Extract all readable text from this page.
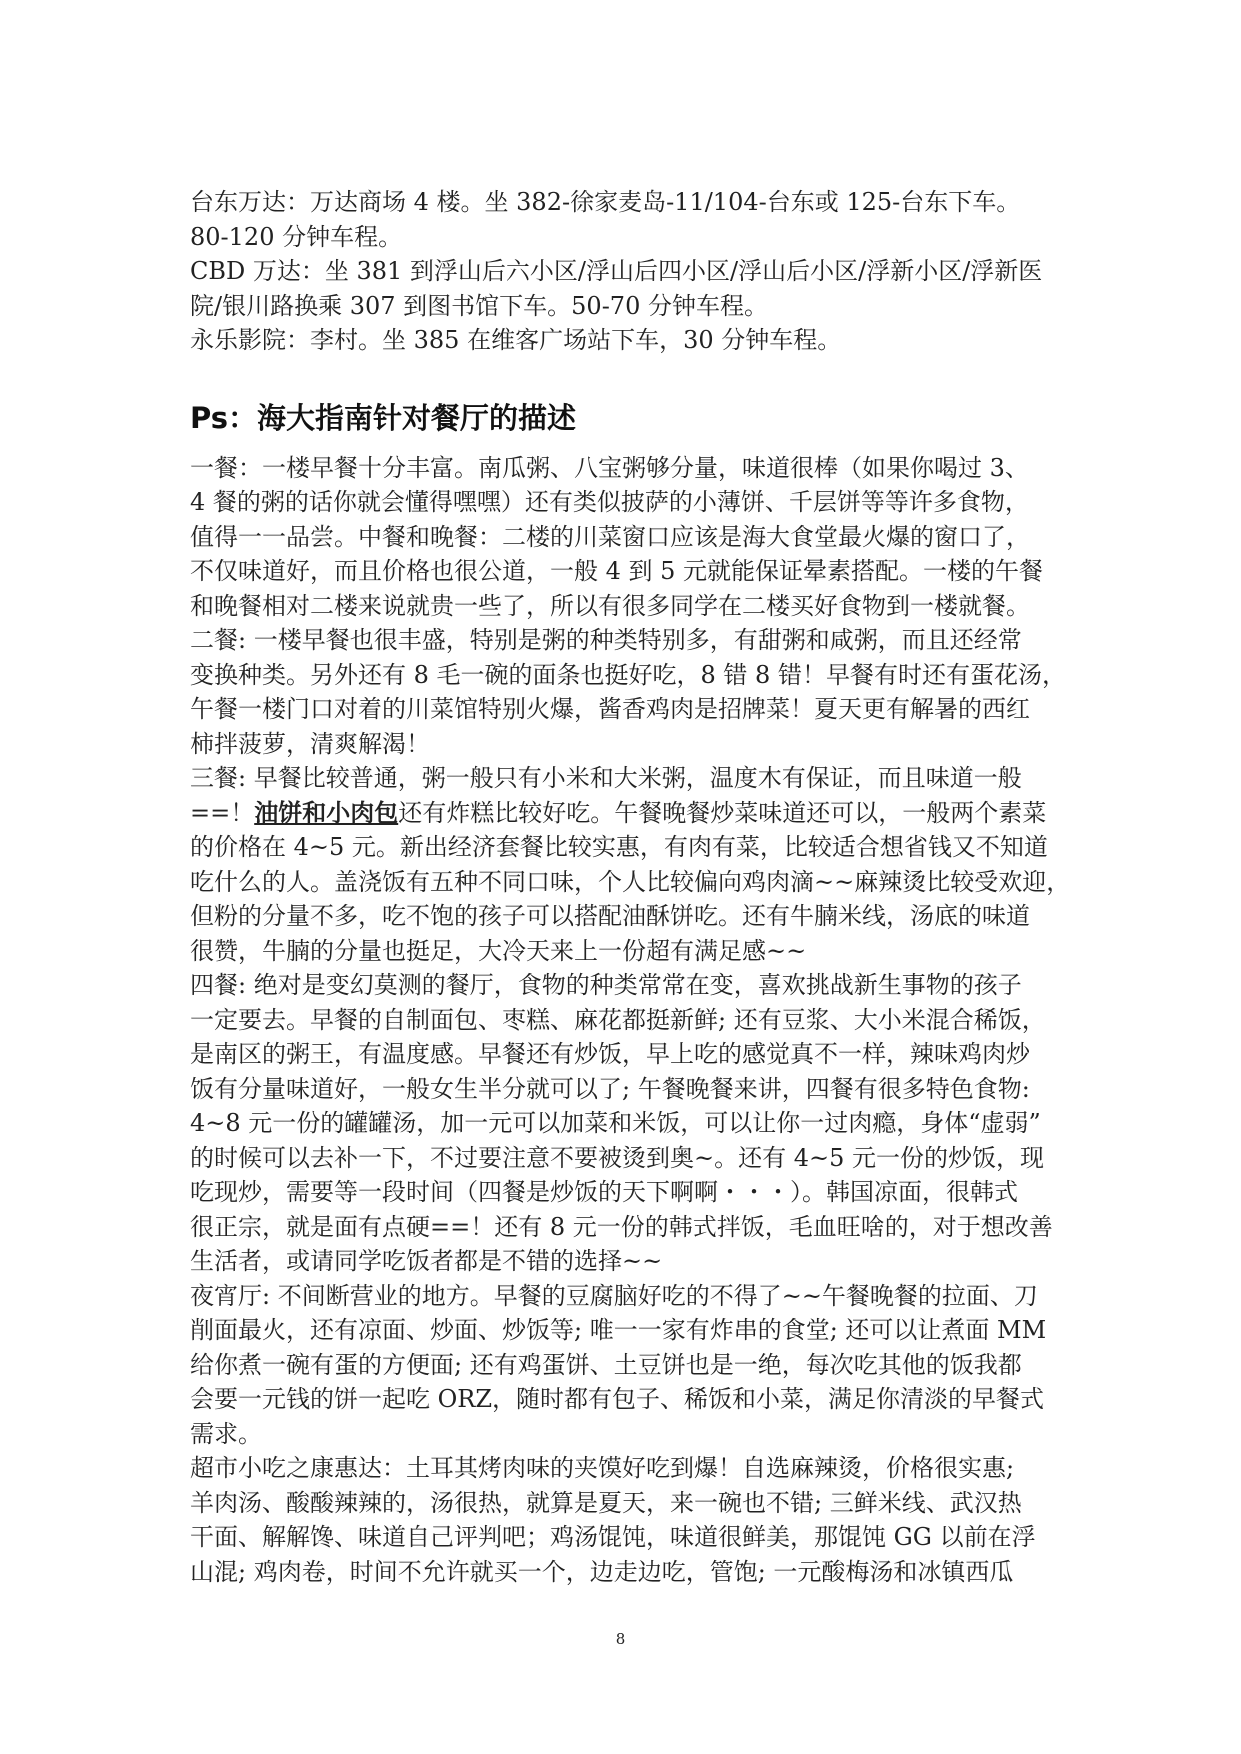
台东万达：万达商场 4 楼。坐 382-徐家麦岛-11/104-台东或 125-台东下车。
80-120 分钟车程。
CBD 万达：坐 381 到浮山后六小区/浮山后四小区/浮山后小区/浮新小区/浮新医
院/银川路换乘 307 到图书馆下车。50-70 分钟车程。
永乐影院：李村。坐 385 在维客广场站下车，30 分钟车程。
Ps：海大指南针对餐厅的描述
一餐：一楼早餐十分丰富。南瓜粥、八宝粥够分量，味道很棒（如果你喝过 3、
4 餐的粥的话你就会懂得嘿嘿）还有类似披萨的小薄饼、千层饼等等许多食物，
值得一一品尝。中餐和晚餐：二楼的川菜窗口应该是海大食堂最火爆的窗口了，
不仅味道好，而且价格也很公道，一般 4 到 5 元就能保证晕素搭配。一楼的午餐
和晚餐相对二楼来说就贵一些了，所以有很多同学在二楼买好食物到一楼就餐。
二餐: 一楼早餐也很丰盛，特别是粥的种类特别多，有甜粥和咸粥，而且还经常
变换种类。另外还有 8 毛一碗的面条也挺好吃，8 错 8 错！早餐有时还有蛋花汤，
午餐一楼门口对着的川菜馆特别火爆，酱香鸡肉是招牌菜！夏天更有解暑的西红
柿拌菠萝，清爽解渴！
三餐: 早餐比较普通，粥一般只有小米和大米粥，温度木有保证，而且味道一般
==！油饼和小肉包还有炸糕比较好吃。午餐晚餐炒菜味道还可以，一般两个素菜
的价格在 4~5 元。新出经济套餐比较实惠，有肉有菜，比较适合想省钱又不知道
吃什么的人。盖浇饭有五种不同口味，个人比较偏向鸡肉滴~~麻辣烫比较受欢迎，
但粉的分量不多，吃不饱的孩子可以搭配油酥饼吃。还有牛腩米线，汤底的味道
很赞，牛腩的分量也挺足，大冷天来上一份超有满足感~~
四餐: 绝对是变幻莫测的餐厅，食物的种类常常在变，喜欢挑战新生事物的孩子
一定要去。早餐的自制面包、枣糕、麻花都挺新鲜; 还有豆浆、大小米混合稀饭，
是南区的粥王，有温度感。早餐还有炒饭，早上吃的感觉真不一样，辣味鸡肉炒
饭有分量味道好，一般女生半分就可以了; 午餐晚餐来讲，四餐有很多特色食物:
4~8 元一份的罐罐汤，加一元可以加菜和米饭，可以让你一过肉瘾，身体“虚弱”
的时候可以去补一下，不过要注意不要被烫到奥~。还有 4~5 元一份的炒饭，现
吃现炒，需要等一段时间（四餐是炒饭的天下啊啊・・・）。韩国凉面，很韩式
很正宗，就是面有点硬==！还有 8 元一份的韩式拌饭，毛血旺啥的，对于想改善
生活者，或请同学吃饭者都是不错的选择~~
夜宵厅: 不间断营业的地方。早餐的豆腐脑好吃的不得了~~午餐晚餐的拉面、刀
削面最火，还有凉面、炒面、炒饭等; 唯一一家有炸串的食堂; 还可以让煮面 MM
给你煮一碗有蛋的方便面; 还有鸡蛋饼、土豆饼也是一绝，每次吃其他的饭我都
会要一元钱的饼一起吃 ORZ，随时都有包子、稀饭和小菜，满足你清淡的早餐式
需求。
超市小吃之康惠达：土耳其烤肉味的夹馍好吃到爆！自选麻辣烫，价格很实惠;
羊肉汤、酸酸辣辣的，汤很热，就算是夏天，来一碗也不错; 三鲜米线、武汉热
干面、解解馋、味道自己评判吧；鸡汤馄饨，味道很鲜美，那馄饨 GG 以前在浮
山混; 鸡肉卷，时间不允许就买一个，边走边吃，管饱; 一元酸梅汤和冰镇西瓜
8
